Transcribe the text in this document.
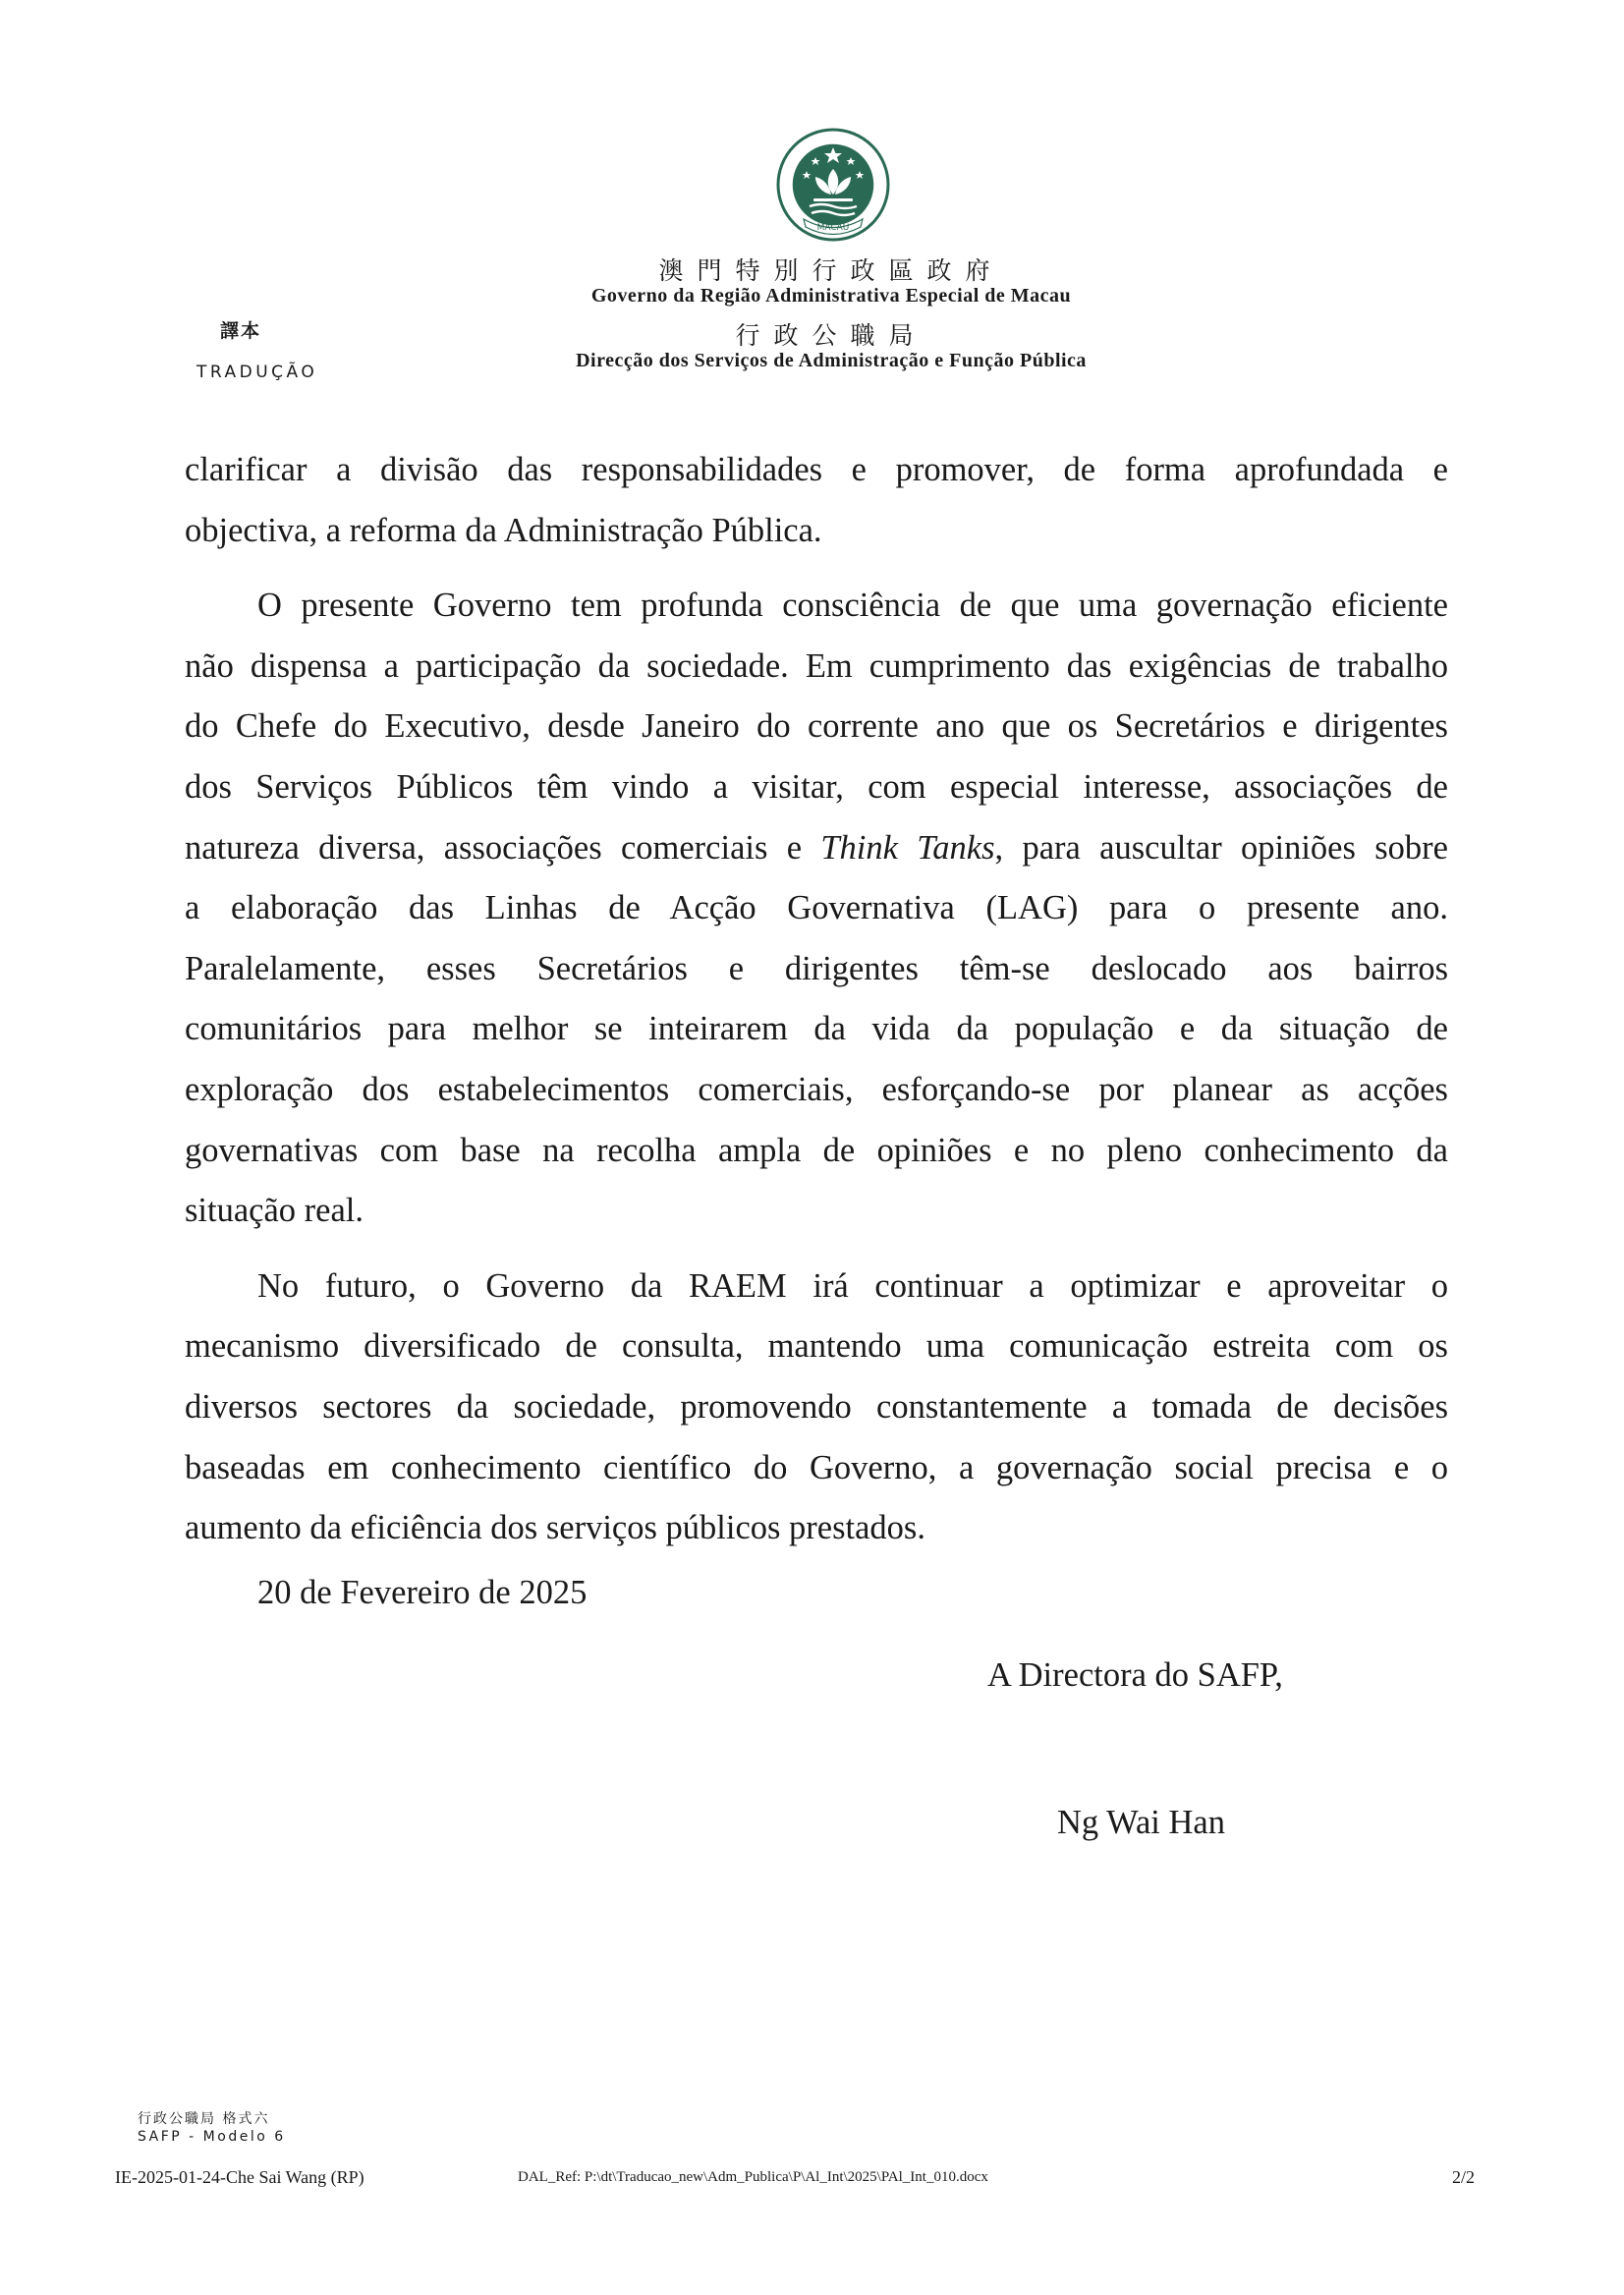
MACAU
澳門特別行政區政府
Governo da Região Administrativa Especial de Macau
行政公職局
Direcção dos Serviços de Administração e Função Pública
譯本
TRADUÇÃO
clarificar a divisão das responsabilidades e promover, de forma aprofundada e
objectiva, a reforma da Administração Pública.
O presente Governo tem profunda consciência de que uma governação eficiente
não dispensa a participação da sociedade. Em cumprimento das exigências de trabalho
do Chefe do Executivo, desde Janeiro do corrente ano que os Secretários e dirigentes
dos Serviços Públicos têm vindo a visitar, com especial interesse, associações de
natureza diversa, associações comerciais e Think Tanks, para auscultar opiniões sobre
a elaboração das Linhas de Acção Governativa (LAG) para o presente ano.
Paralelamente, esses Secretários e dirigentes têm-se deslocado aos bairros
comunitários para melhor se inteirarem da vida da população e da situação de
exploração dos estabelecimentos comerciais, esforçando-se por planear as acções
governativas com base na recolha ampla de opiniões e no pleno conhecimento da
situação real.
No futuro, o Governo da RAEM irá continuar a optimizar e aproveitar o
mecanismo diversificado de consulta, mantendo uma comunicação estreita com os
diversos sectores da sociedade, promovendo constantemente a tomada de decisões
baseadas em conhecimento científico do Governo, a governação social precisa e o
aumento da eficiência dos serviços públicos prestados.
20 de Fevereiro de 2025
A Directora do SAFP,
Ng Wai Han
行政公職局 格式六
SAFP - Modelo 6
IE-2025-01-24-Che Sai Wang (RP)	DAL_Ref: P:\dt\Traducao_new\Adm_Publica\P\Al_Int\2025\PAl_Int_010.docx	2/2
